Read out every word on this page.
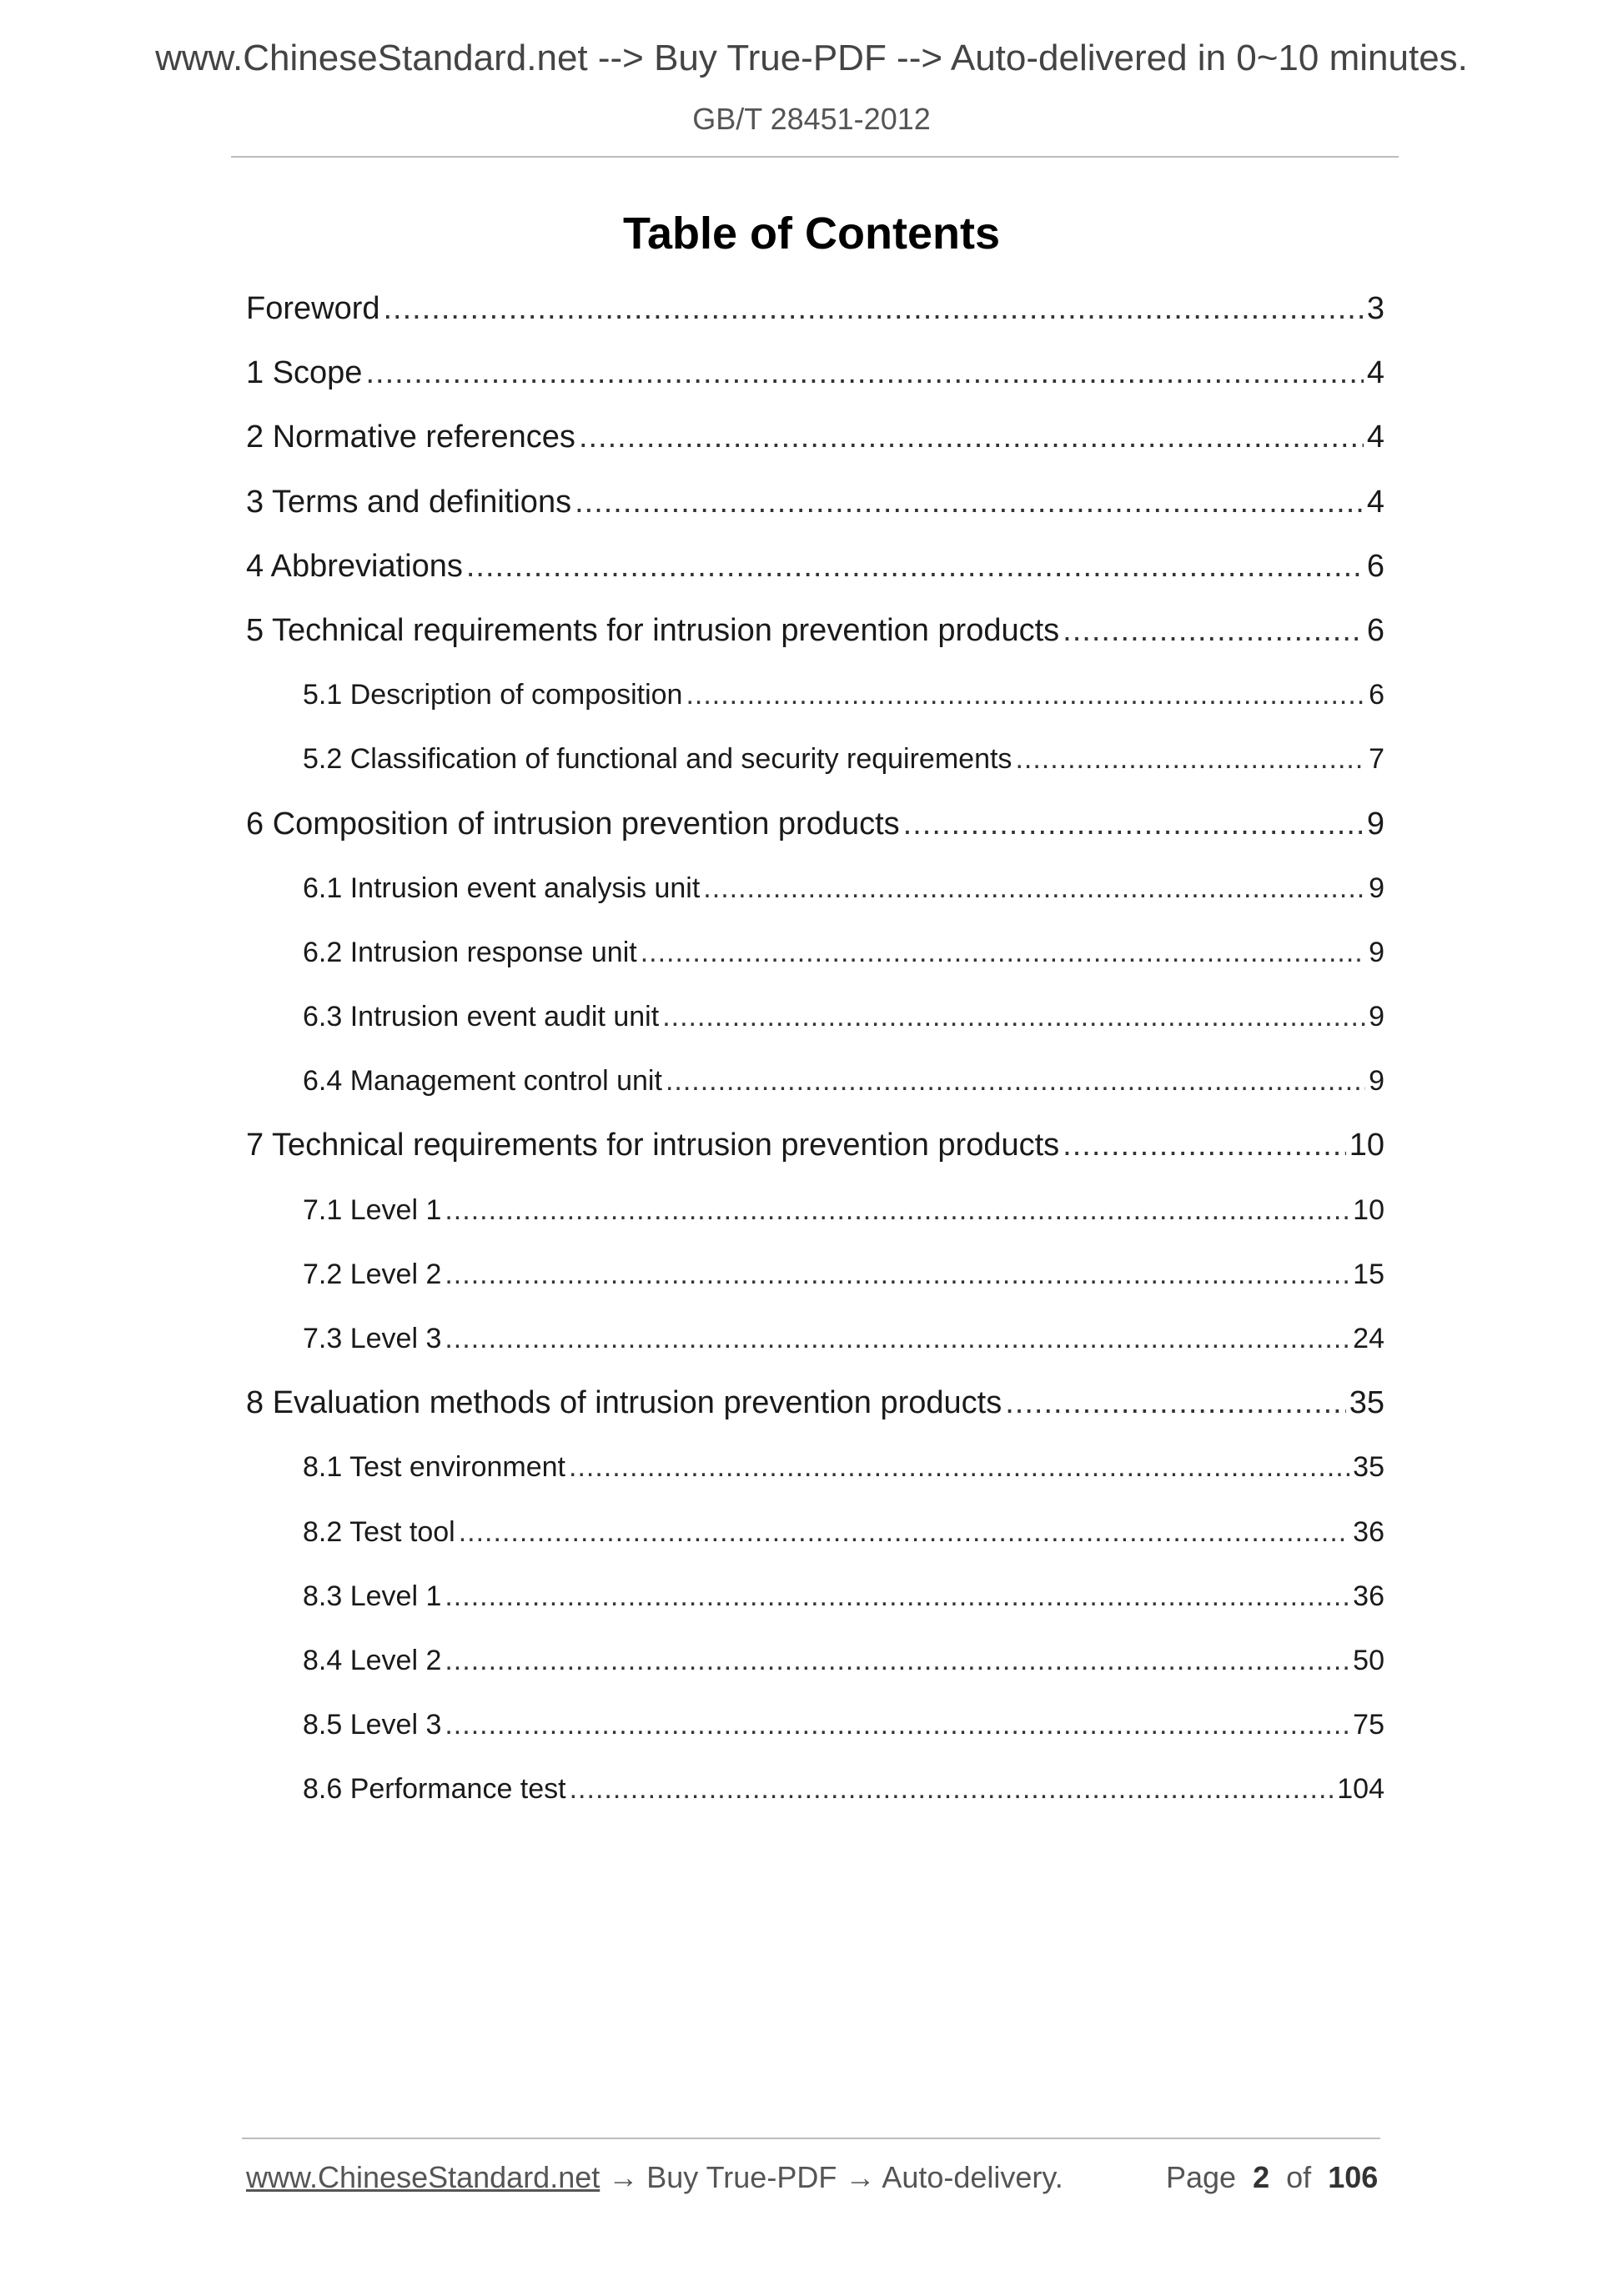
www.ChineseStandard.net --> Buy True-PDF --> Auto-delivered in 0~10 minutes.
GB/T 28451-2012
Table of Contents
Foreword .....	3
1 Scope .....	4
2 Normative references .....	4
3 Terms and definitions .....	4
4 Abbreviations .....	6
5 Technical requirements for intrusion prevention products .....	6
5.1 Description of composition .....	6
5.2 Classification of functional and security requirements .....	7
6 Composition of intrusion prevention products .....	9
6.1 Intrusion event analysis unit .....	9
6.2 Intrusion response unit .....	9
6.3 Intrusion event audit unit .....	9
6.4 Management control unit .....	9
7 Technical requirements for intrusion prevention products .....	10
7.1 Level 1 .....	10
7.2 Level 2 .....	15
7.3 Level 3 .....	24
8 Evaluation methods of intrusion prevention products .....	35
8.1 Test environment .....	35
8.2 Test tool .....	36
8.3 Level 1 .....	36
8.4 Level 2 .....	50
8.5 Level 3 .....	75
8.6 Performance test .....	104
www.ChineseStandard.net → Buy True-PDF → Auto-delivery.	Page 2 of 106
